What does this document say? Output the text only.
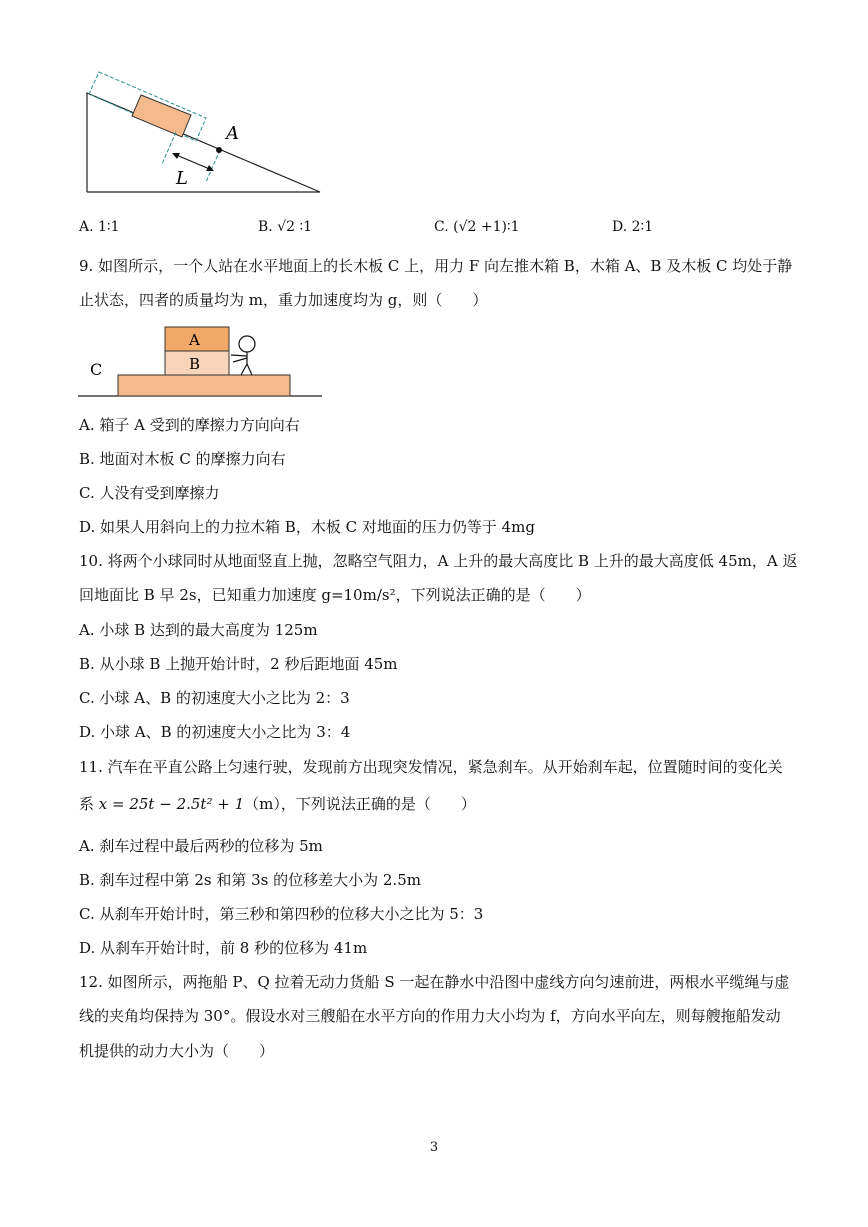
A
L
A. 1∶1	B. √2 ∶1	C. (√2 +1)∶1	D. 2∶1
9. 如图所示，一个人站在水平地面上的长木板 C 上，用力 F 向左推木箱 B，木箱 A、B 及木板 C 均处于静
止状态，四者的质量均为 m，重力加速度均为 g，则（　　）
A
B
C
A. 箱子 A 受到的摩擦力方向向右
B. 地面对木板 C 的摩擦力向右
C. 人没有受到摩擦力
D. 如果人用斜向上的力拉木箱 B，木板 C 对地面的压力仍等于 4mg
10. 将两个小球同时从地面竖直上抛，忽略空气阻力，A 上升的最大高度比 B 上升的最大高度低 45m，A 返
回地面比 B 早 2s，已知重力加速度 g=10m/s²，下列说法正确的是（　　）
A. 小球 B 达到的最大高度为 125m
B. 从小球 B 上抛开始计时，2 秒后距地面 45m
C. 小球 A、B 的初速度大小之比为 2：3
D. 小球 A、B 的初速度大小之比为 3：4
11. 汽车在平直公路上匀速行驶，发现前方出现突发情况，紧急刹车。从开始刹车起，位置随时间的变化关
系 x = 25t − 2.5t² + 1（m），下列说法正确的是（　　）
A. 刹车过程中最后两秒的位移为 5m
B. 刹车过程中第 2s 和第 3s 的位移差大小为 2.5m
C. 从刹车开始计时，第三秒和第四秒的位移大小之比为 5：3
D. 从刹车开始计时，前 8 秒的位移为 41m
12. 如图所示，两拖船 P、Q 拉着无动力货船 S 一起在静水中沿图中虚线方向匀速前进，两根水平缆绳与虚
线的夹角均保持为 30°。假设水对三艘船在水平方向的作用力大小均为 f，方向水平向左，则每艘拖船发动
机提供的动力大小为（　　）
3
